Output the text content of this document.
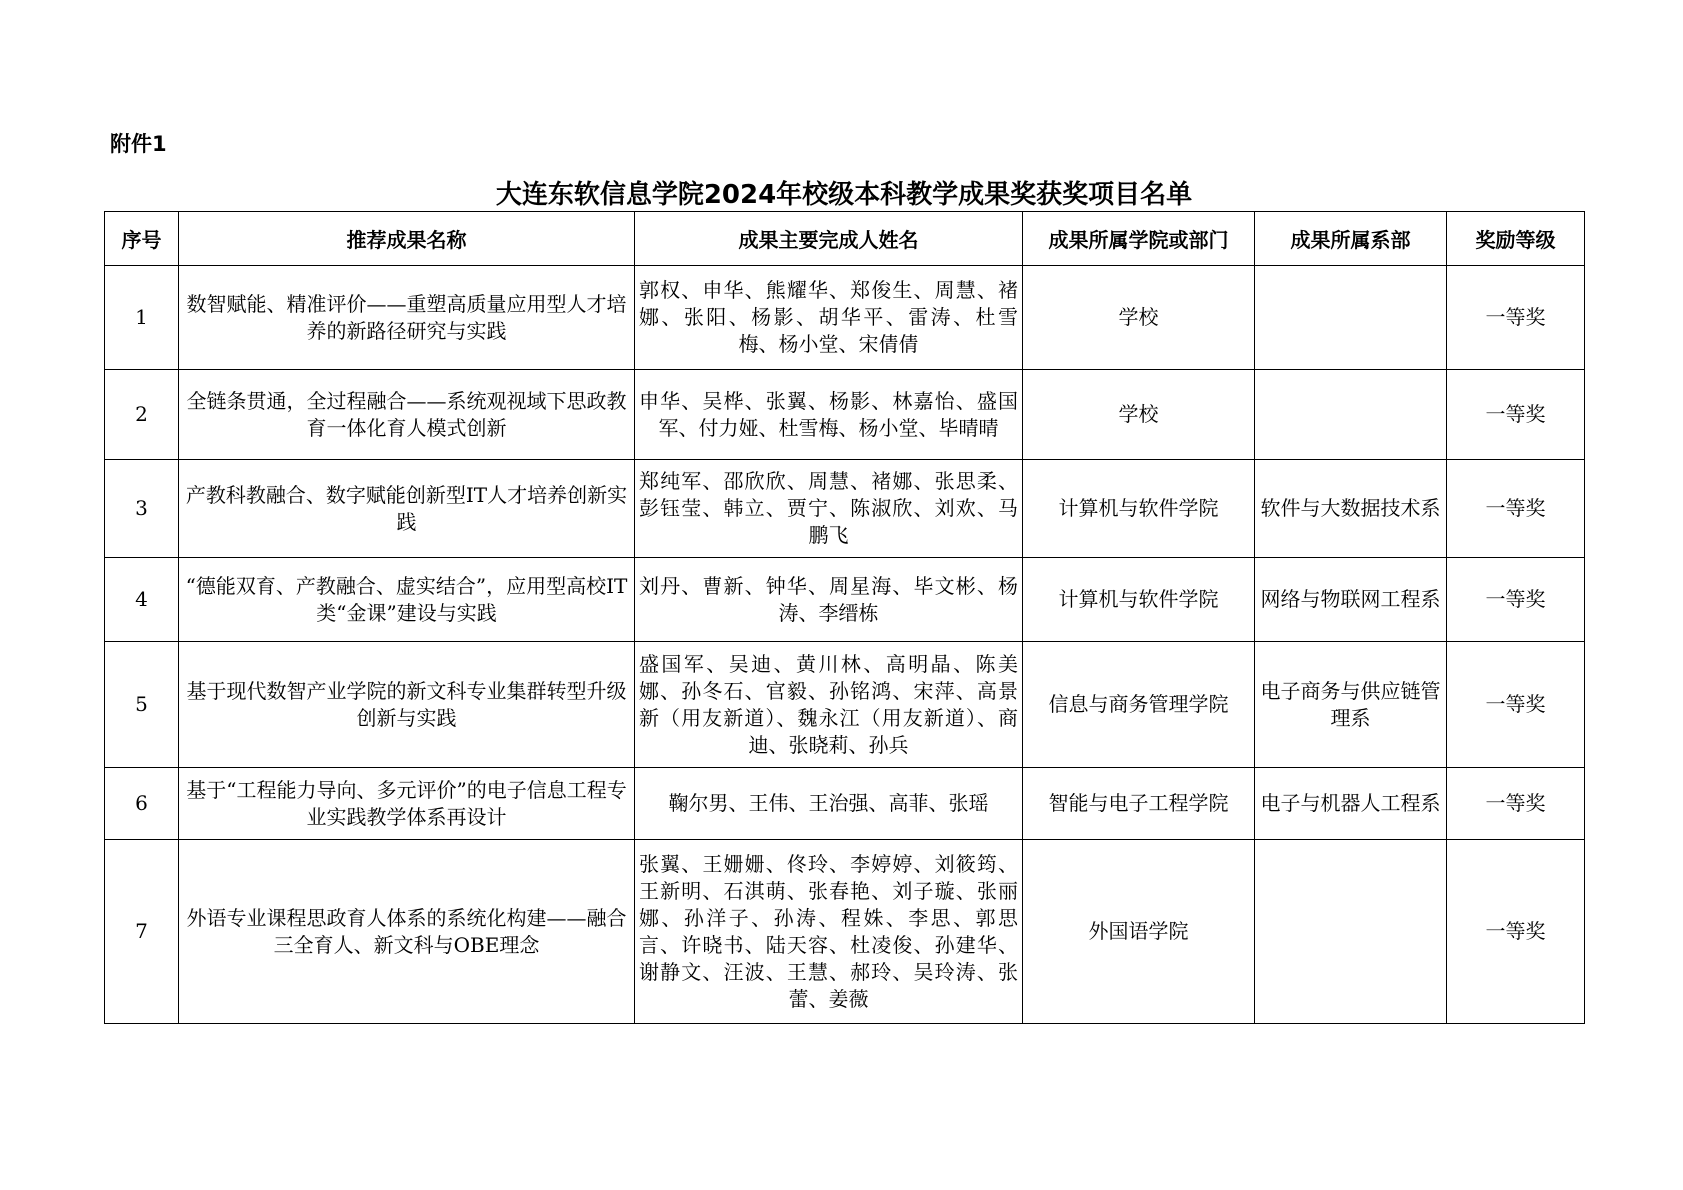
附件1
大连东软信息学院2024年校级本科教学成果奖获奖项目名单
序号	推荐成果名称	成果主要完成人姓名	成果所属学院或部门	成果所属系部	奖励等级
1	数智赋能、精准评价——重塑高质量应用型人才培养的新路径研究与实践	郭权、申华、熊耀华、郑俊生、周慧、褚娜、张阳、杨影、胡华平、雷涛、杜雪梅、杨小堂、宋倩倩	学校		一等奖
2	全链条贯通，全过程融合——系统观视域下思政教育一体化育人模式创新	申华、吴桦、张翼、杨影、林嘉怡、盛国军、付力娅、杜雪梅、杨小堂、毕晴晴	学校		一等奖
3	产教科教融合、数字赋能创新型IT人才培养创新实践	郑纯军、邵欣欣、周慧、褚娜、张思柔、彭钰莹、韩立、贾宁、陈淑欣、刘欢、马鹏飞	计算机与软件学院	软件与大数据技术系	一等奖
4	“德能双育、产教融合、虚实结合”，应用型高校IT类“金课”建设与实践	刘丹、曹新、钟华、周星海、毕文彬、杨涛、李缙栋	计算机与软件学院	网络与物联网工程系	一等奖
5	基于现代数智产业学院的新文科专业集群转型升级创新与实践	盛国军、吴迪、黄川林、高明晶、陈美娜、孙冬石、官毅、孙铭鸿、宋萍、高景新（用友新道）、魏永江（用友新道）、商迪、张晓莉、孙兵	信息与商务管理学院	电子商务与供应链管理系	一等奖
6	基于“工程能力导向、多元评价”的电子信息工程专业实践教学体系再设计	鞠尔男、王伟、王治强、高菲、张瑶	智能与电子工程学院	电子与机器人工程系	一等奖
7	外语专业课程思政育人体系的系统化构建——融合三全育人、新文科与OBE理念	张翼、王姗姗、佟玲、李婷婷、刘筱筠、王新明、石淇萌、张春艳、刘子璇、张丽娜、孙洋子、孙涛、程姝、李思、郭思言、许晓书、陆天容、杜凌俊、孙建华、谢静文、汪波、王慧、郝玲、吴玲涛、张蕾、姜薇	外国语学院		一等奖
